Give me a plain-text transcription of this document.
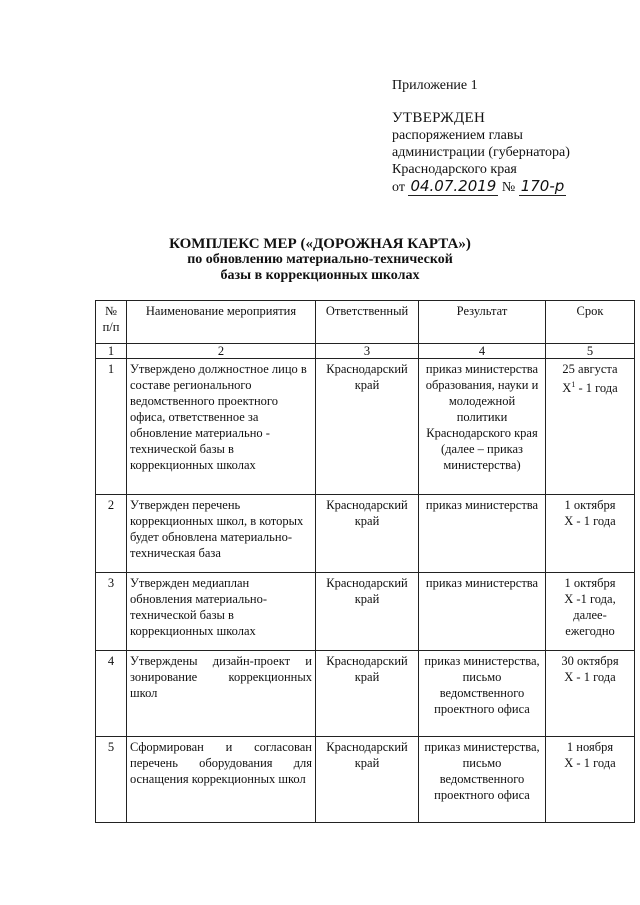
Приложение 1
УТВЕРЖДЕН
распоряжением главы
администрации (губернатора)
Краснодарского края
от 04.07.2019 № 170-р
КОМПЛЕКС МЕР («ДОРОЖНАЯ КАРТА»)
по обновлению материально-технической
базы в коррекционных школах
№ п/п	Наименование мероприятия	Ответственный	Результат	Срок
1	2	3	4	5
1	Утверждено должностное лицо в составе регионального ведомственного проектного офиса, ответственное за обновление материально - технической базы в коррекционных школах	Краснодарский край	приказ министерства образования, науки и молодежной политики Краснодарского края (далее – приказ министерства)	25 августа
$X^1 - 1$ года

2	Утвержден перечень коррекционных школ, в которых будет обновлена материально-техническая база	Краснодарский край	приказ министерства	1 октября
X - 1 года

3	Утвержден медиаплан обновления материально-технической базы в коррекционных школах	Краснодарский край	приказ министерства	1 октября
X -1 года, далее-ежегодно

4	Утверждены дизайн-проект и зонирование коррекционных школ	Краснодарский край	приказ министерства, письмо ведомственного проектного офиса	30 октября
X - 1 года

5	Сформирован и согласован перечень оборудования для оснащения коррекционных школ	Краснодарский край	приказ министерства, письмо ведомственного проектного офиса	1 ноября
X - 1 года
